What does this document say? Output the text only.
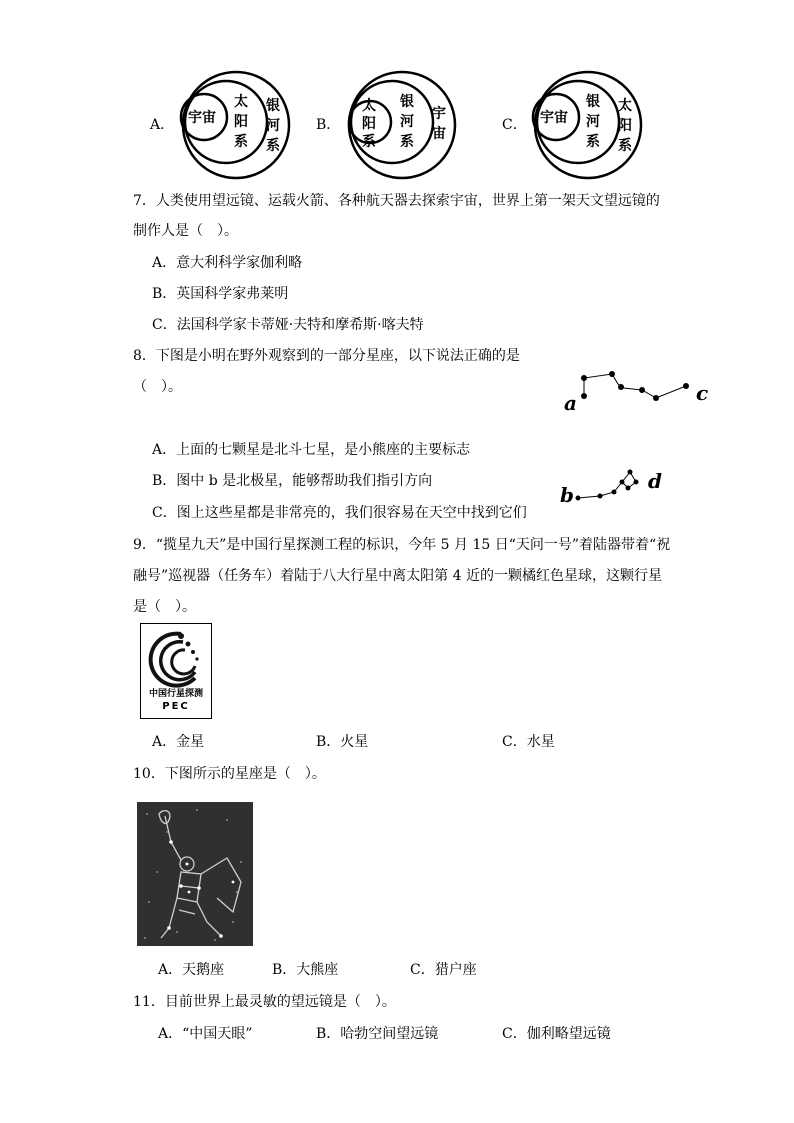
A． 宇宙
太
阳
系
银
河
系
B．
太
阳
系
银
河
系
宇
宙
C． 宇宙
银
河
系
太
阳
系
7．人类使用望远镜、运载火箭、各种航天器去探索宇宙，世界上第一架天文望远镜的
制作人是（　）。
A．意大利科学家伽利略
B．英国科学家弗莱明
C．法国科学家卡蒂娅·夫特和摩希斯·喀夫特
8．下图是小明在野外观察到的一部分星座，以下说法正确的是
（　）。
A．上面的七颗星是北斗七星，是小熊座的主要标志
B．图中 b 是北极星，能够帮助我们指引方向
C．图上这些星都是非常亮的，我们很容易在天空中找到它们
a	c
b
d
9．“揽星九天”是中国行星探测工程的标识，今年 5 月 15 日“天问一号”着陆器带着“祝
融号”巡视器（任务车）着陆于八大行星中离太阳第 4 近的一颗橘红色星球，这颗行星
是（　）。
中国行星探测
PEC
A．金星	B．火星	C．水星
10．下图所示的星座是（　）。
A．天鹅座	B．大熊座	C．猎户座
11．目前世界上最灵敏的望远镜是（　）。
A．“中国天眼”	B．哈勃空间望远镜	C．伽利略望远镜
